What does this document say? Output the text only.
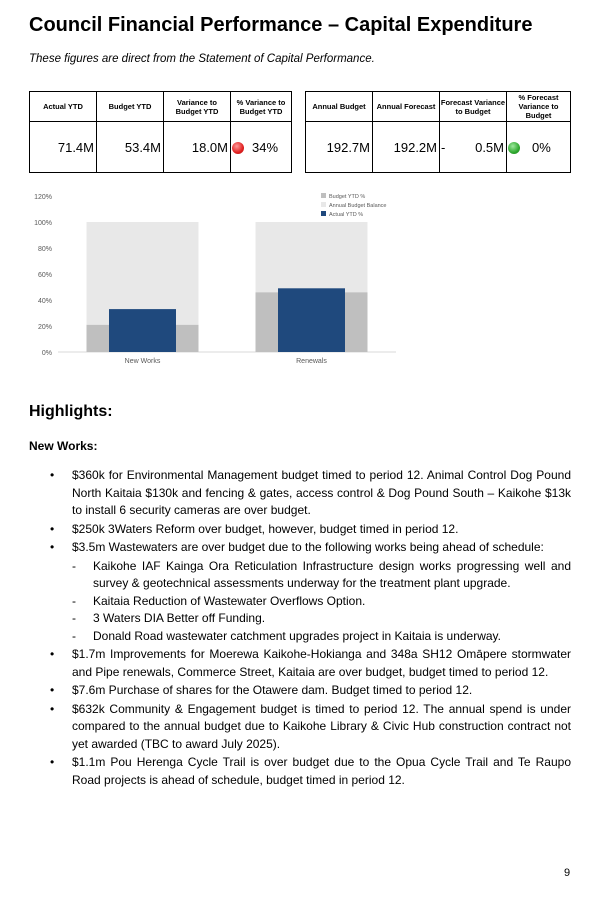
Council Financial Performance – Capital Expenditure
These figures are direct from the Statement of Capital Performance.
Actual YTD	Budget YTD	Variance to Budget YTD	% Variance to Budget YTD
71.4M	53.4M	18.0M	34%
Annual Budget	Annual Forecast	Forecast Variance to Budget	% Forecast Variance to Budget
192.7M	192.2M	- 0.5M	0%
0%
20%
40%
60%
80%
100%
120%
New Works	Renewals
Budget YTD %
Annual Budget Balance
Actual YTD %
Highlights:
New Works:
• $360k for Environmental Management budget timed to period 12. Animal Control Dog Pound North Kaitaia $130k and fencing & gates, access control & Dog Pound South – Kaikohe $13k to install 6 security cameras are over budget.
• $250k 3Waters Reform over budget, however, budget timed in period 12.
• $3.5m Wastewaters are over budget due to the following works being ahead of schedule:
- Kaikohe IAF Kainga Ora Reticulation Infrastructure design works progressing well and survey & geotechnical assessments underway for the treatment plant upgrade.
- Kaitaia Reduction of Wastewater Overflows Option.
- 3 Waters DIA Better off Funding.
- Donald Road wastewater catchment upgrades project in Kaitaia is underway.
• $1.7m Improvements for Moerewa Kaikohe-Hokianga and 348a SH12 Omāpere stormwater and Pipe renewals, Commerce Street, Kaitaia are over budget, budget timed to period 12.
• $7.6m Purchase of shares for the Otawere dam. Budget timed to period 12.
• $632k Community & Engagement budget is timed to period 12. The annual spend is under compared to the annual budget due to Kaikohe Library & Civic Hub construction contract not yet awarded (TBC to award July 2025).
• $1.1m Pou Herenga Cycle Trail is over budget due to the Opua Cycle Trail and Te Raupo Road projects is ahead of schedule, budget timed in period 12.
9
